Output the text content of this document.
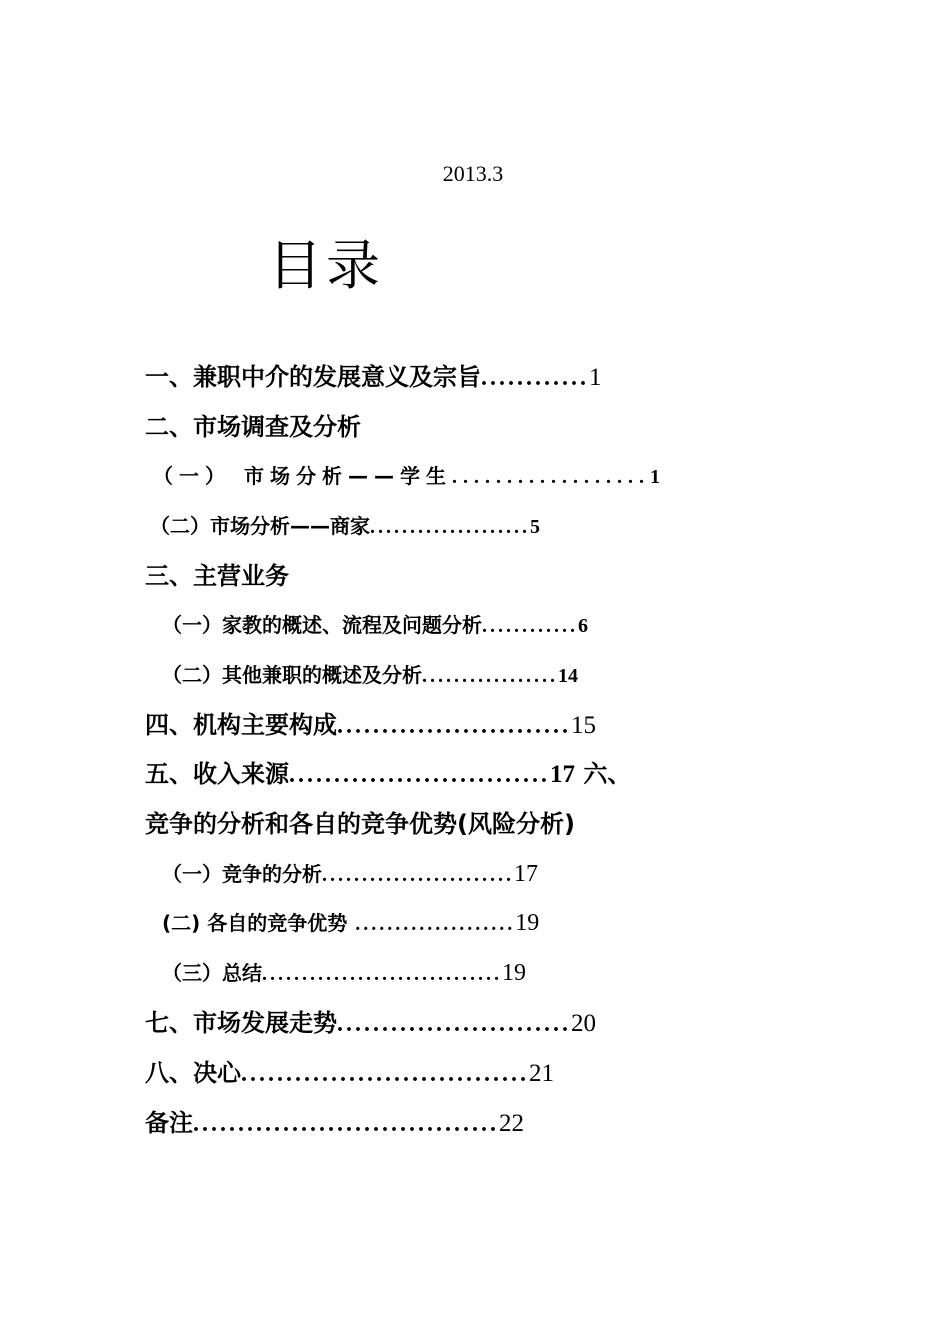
2013.3
目录
一、兼职中介的发展意义及宗旨............1
二、市场调查及分析
（一） 市场分析——学生..................1
（二）市场分析——商家....................5
三、主营业务
（一）家教的概述、流程及问题分析............6
（二）其他兼职的概述及分析.................14
四、机构主要构成..........................15
五、收入来源.............................17 六、
竞争的分析和各自的竞争优势(风险分析)
（一）竞争的分析........................17
(二) 各自的竞争优势 ....................19
（三）总结..............................19
七、市场发展走势..........................20
八、决心................................21
备注..................................22
